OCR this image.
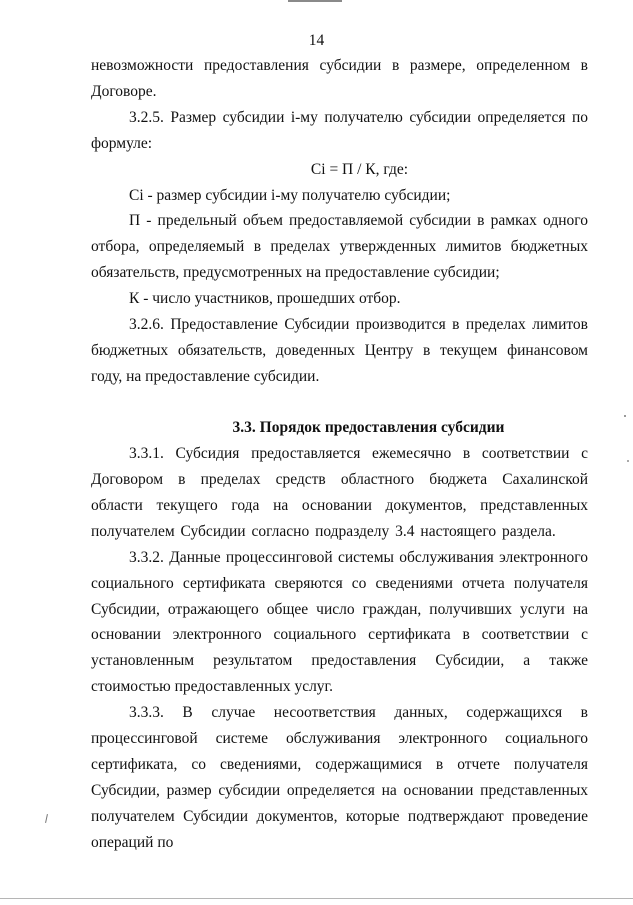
14

невозможности предоставления субсидии в размере, определенном в Договоре.

3.2.5. Размер субсидии i-му получателю субсидии определяется по формуле:

Ci = П / К, где:

Ci - размер субсидии i-му получателю субсидии;

П - предельный объем предоставляемой субсидии в рамках одного отбора, определяемый в пределах утвержденных лимитов бюджетных обязательств, предусмотренных на предоставление субсидии;

К - число участников, прошедших отбор.

3.2.6. Предоставление Субсидии производится в пределах лимитов бюджетных обязательств, доведенных Центру в текущем финансовом году, на предоставление субсидии.

3.3. Порядок предоставления субсидии

3.3.1. Субсидия предоставляется ежемесячно в соответствии с Договором в пределах средств областного бюджета Сахалинской области текущего года на основании документов, представленных получателем Субсидии согласно подразделу 3.4 настоящего раздела.

3.3.2. Данные процессинговой системы обслуживания электронного социального сертификата сверяются со сведениями отчета получателя Субсидии, отражающего общее число граждан, получивших услуги на основании электронного социального сертификата в соответствии с установленным результатом предоставления Субсидии, а также стоимостью предоставленных услуг.

3.3.3. В случае несоответствия данных, содержащихся в процессинговой системе обслуживания электронного социального сертификата, со сведениями, содержащимися в отчете получателя Субсидии, размер субсидии определяется на основании представленных получателем Субсидии документов, которые подтверждают проведение операций по
